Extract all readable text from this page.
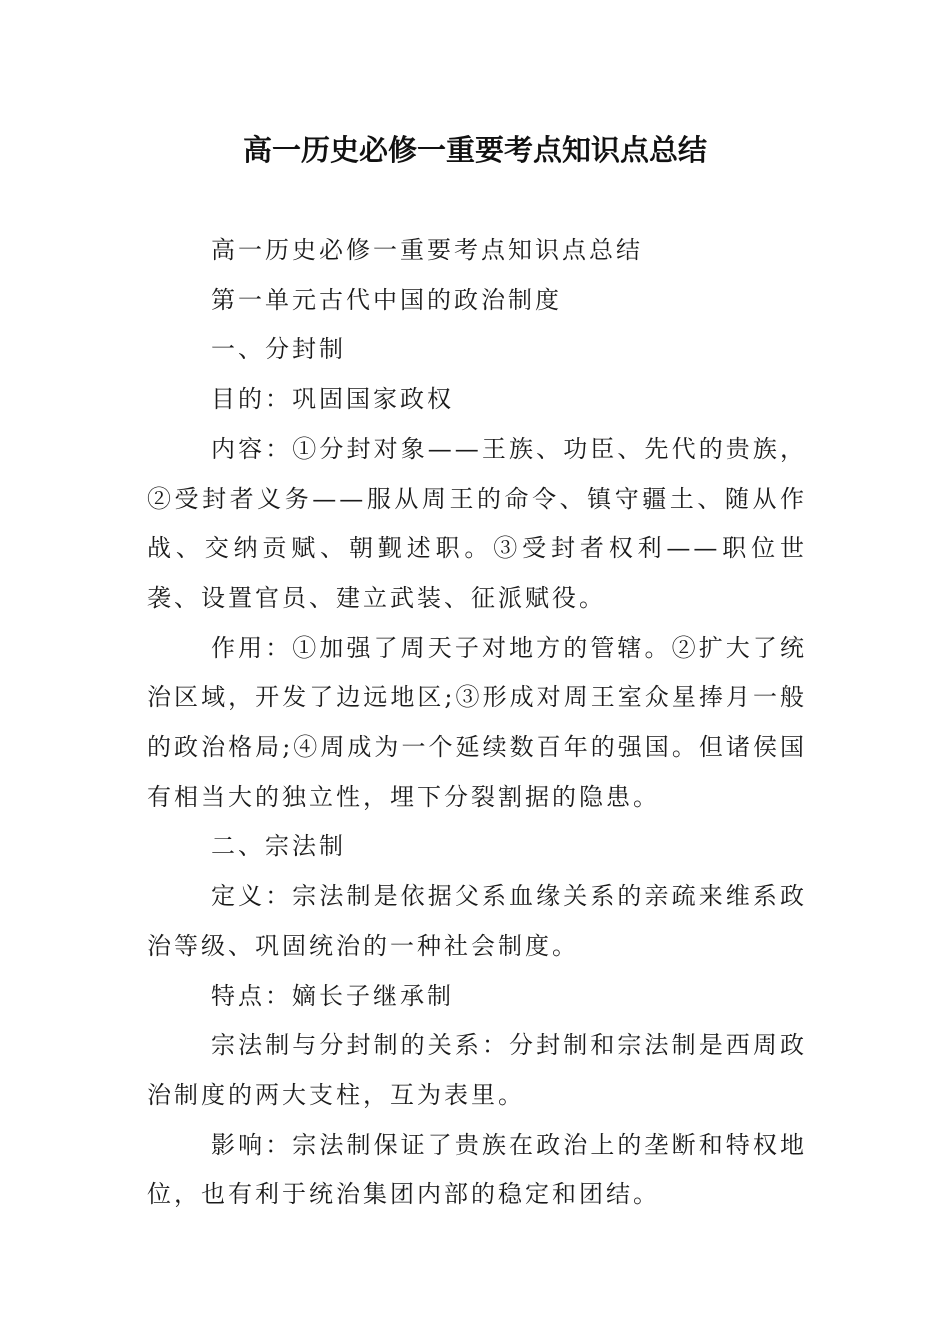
高一历史必修一重要考点知识点总结

高一历史必修一重要考点知识点总结

第一单元古代中国的政治制度

一、分封制

目的：巩固国家政权

内容：①分封对象——王族、功臣、先代的贵族，②受封者义务——服从周王的命令、镇守疆土、随从作战、交纳贡赋、朝觐述职。③受封者权利——职位世袭、设置官员、建立武装、征派赋役。

作用：①加强了周天子对地方的管辖。②扩大了统治区域，开发了边远地区;③形成对周王室众星捧月一般的政治格局;④周成为一个延续数百年的强国。但诸侯国有相当大的独立性，埋下分裂割据的隐患。

二、宗法制

定义：宗法制是依据父系血缘关系的亲疏来维系政治等级、巩固统治的一种社会制度。

特点：嫡长子继承制

宗法制与分封制的关系：分封制和宗法制是西周政治制度的两大支柱，互为表里。

影响：宗法制保证了贵族在政治上的垄断和特权地位，也有利于统治集团内部的稳定和团结。
